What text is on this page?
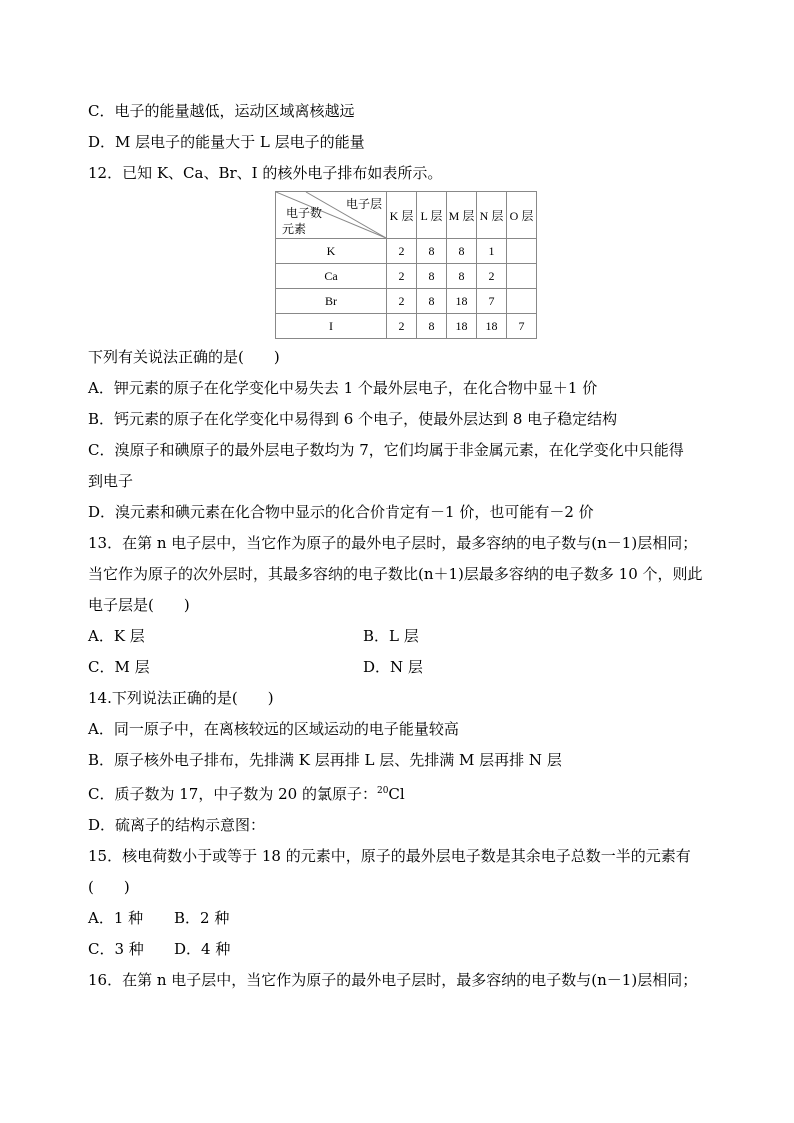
C．电子的能量越低，运动区域离核越远
D．M 层电子的能量大于 L 层电子的能量
12．已知 K、Ca、Br、I 的核外电子排布如表所示。
电子层
电子数
元素	K 层	L 层	M 层	N 层	O 层
K	2	8	8	1	
Ca	2	8	8	2	
Br	2	8	18	7	
I	2	8	18	18	7
下列有关说法正确的是(　　)
A．钾元素的原子在化学变化中易失去 1 个最外层电子，在化合物中显＋1 价
B．钙元素的原子在化学变化中易得到 6 个电子，使最外层达到 8 电子稳定结构
C．溴原子和碘原子的最外层电子数均为 7，它们均属于非金属元素，在化学变化中只能得
到电子
D．溴元素和碘元素在化合物中显示的化合价肯定有－1 价，也可能有－2 价
13．在第 n 电子层中，当它作为原子的最外电子层时，最多容纳的电子数与(n－1)层相同；
当它作为原子的次外层时，其最多容纳的电子数比(n＋1)层最多容纳的电子数多 10 个，则此
电子层是(　　)
A．K 层	B．L 层
C．M 层	D．N 层
14.下列说法正确的是(　　)
A．同一原子中，在离核较远的区域运动的电子能量较高
B．原子核外电子排布，先排满 K 层再排 L 层、先排满 M 层再排 N 层
C．质子数为 17，中子数为 20 的氯原子：$^{20}$Cl
D．硫离子的结构示意图：
15．核电荷数小于或等于 18 的元素中，原子的最外层电子数是其余电子总数一半的元素有
(　　)
A．1 种 B．2 种
C．3 种 D．4 种
16．在第 n 电子层中，当它作为原子的最外电子层时，最多容纳的电子数与(n－1)层相同；
